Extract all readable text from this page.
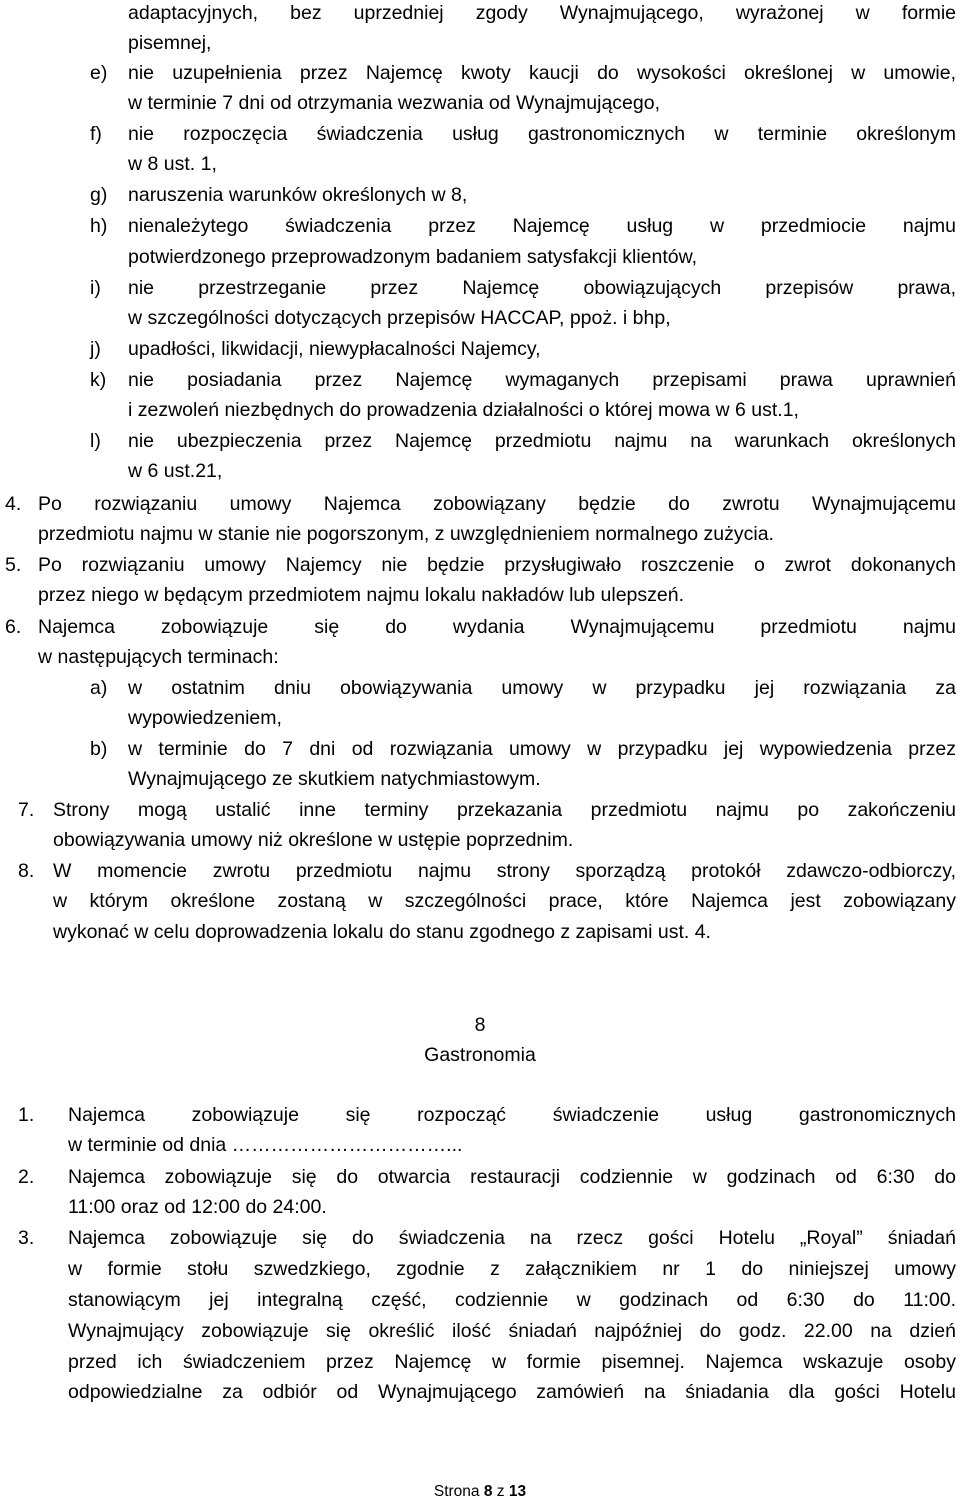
adaptacyjnych, bez uprzedniej zgody Wynajmującego, wyrażonej w formie
pisemnej,
e) nie uzupełnienia przez Najemcę kwoty kaucji do wysokości określonej w umowie,
w terminie 7 dni od otrzymania wezwania od Wynajmującego,
f) nie rozpoczęcia świadczenia usług gastronomicznych w terminie określonym
w 8 ust. 1,
g) naruszenia warunków określonych w 8,
h) nienależytego świadczenia przez Najemcę usług w przedmiocie najmu
potwierdzonego przeprowadzonym badaniem satysfakcji klientów,
i) nie przestrzeganie przez Najemcę obowiązujących przepisów prawa,
w szczególności dotyczących przepisów HACCAP, ppoż. i bhp,
j) upadłości, likwidacji, niewypłacalności Najemcy,
k) nie posiadania przez Najemcę wymaganych przepisami prawa uprawnień
i zezwoleń niezbędnych do prowadzenia działalności o której mowa w 6 ust.1,
l) nie ubezpieczenia przez Najemcę przedmiotu najmu na warunkach określonych
w 6 ust.21,
4. Po rozwiązaniu umowy Najemca zobowiązany będzie do zwrotu Wynajmującemu
przedmiotu najmu w stanie nie pogorszonym, z uwzględnieniem normalnego zużycia.
5. Po rozwiązaniu umowy Najemcy nie będzie przysługiwało roszczenie o zwrot dokonanych
przez niego w będącym przedmiotem najmu lokalu nakładów lub ulepszeń.
6. Najemca zobowiązuje się do wydania Wynajmującemu przedmiotu najmu
w następujących terminach:
a) w ostatnim dniu obowiązywania umowy w przypadku jej rozwiązania za
wypowiedzeniem,
b) w terminie do 7 dni od rozwiązania umowy w przypadku jej wypowiedzenia przez
Wynajmującego ze skutkiem natychmiastowym.
7. Strony mogą ustalić inne terminy przekazania przedmiotu najmu po zakończeniu
obowiązywania umowy niż określone w ustępie poprzednim.
8. W momencie zwrotu przedmiotu najmu strony sporządzą protokół zdawczo-odbiorczy,
w którym określone zostaną w szczególności prace, które Najemca jest zobowiązany
wykonać w celu doprowadzenia lokalu do stanu zgodnego z zapisami ust. 4.
8
Gastronomia
1. Najemca zobowiązuje się rozpocząć świadczenie usług gastronomicznych
w terminie od dnia ……………………………...
2. Najemca zobowiązuje się do otwarcia restauracji codziennie w godzinach od 6:30 do
11:00 oraz od 12:00 do 24:00.
3. Najemca zobowiązuje się do świadczenia na rzecz gości Hotelu „Royal” śniadań
w formie stołu szwedzkiego, zgodnie z załącznikiem nr 1 do niniejszej umowy
stanowiącym jej integralną część, codziennie w godzinach od 6:30 do 11:00.
Wynajmujący zobowiązuje się określić ilość śniadań najpóźniej do godz. 22.00 na dzień
przed ich świadczeniem przez Najemcę w formie pisemnej. Najemca wskazuje osoby
odpowiedzialne za odbiór od Wynajmującego zamówień na śniadania dla gości Hotelu
Strona 8 z 13
